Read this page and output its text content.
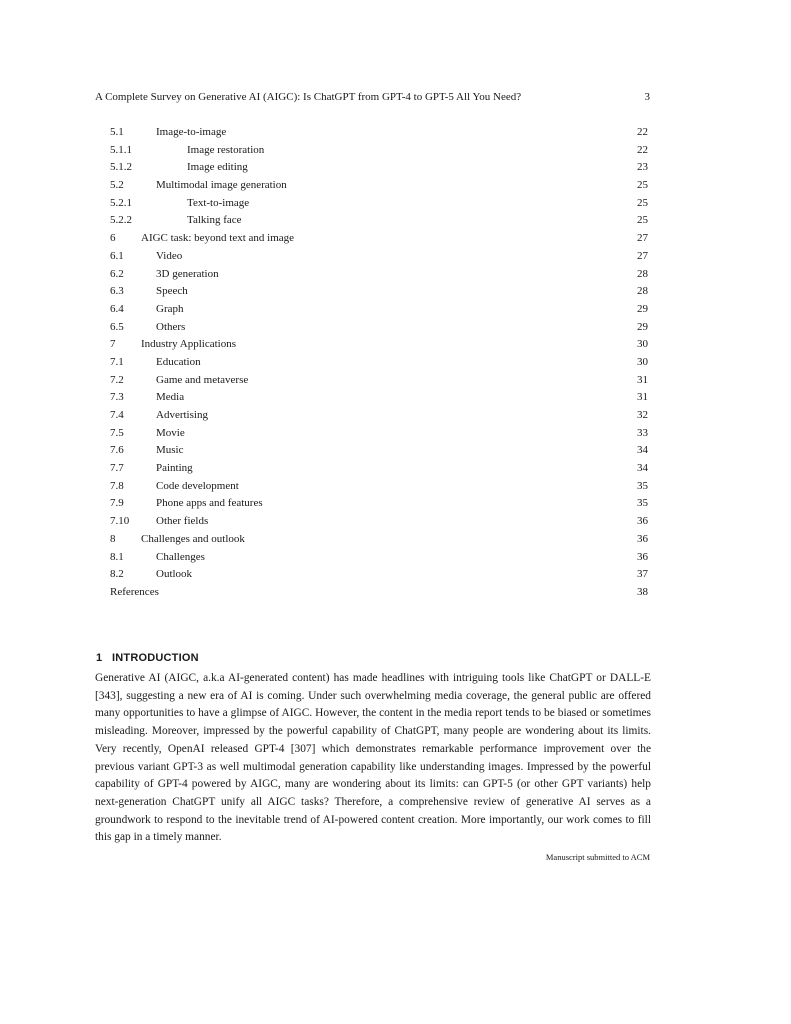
A Complete Survey on Generative AI (AIGC): Is ChatGPT from GPT-4 to GPT-5 All You Need?	3
5.1	Image-to-image	22
5.1.1	Image restoration	22
5.1.2	Image editing	23
5.2	Multimodal image generation	25
5.2.1	Text-to-image	25
5.2.2	Talking face	25
6 AIGC task: beyond text and image	27
6.1	Video	27
6.2	3D generation	28
6.3	Speech	28
6.4	Graph	29
6.5	Others	29
7 Industry Applications	30
7.1	Education	30
7.2	Game and metaverse	31
7.3	Media	31
7.4	Advertising	32
7.5	Movie	33
7.6	Music	34
7.7	Painting	34
7.8	Code development	35
7.9	Phone apps and features	35
7.10 Other fields	36
8 Challenges and outlook	36
8.1	Challenges	36
8.2	Outlook	37
References	38
1 INTRODUCTION

Generative AI (AIGC, a.k.a AI-generated content) has made headlines with intriguing tools like ChatGPT or DALL-E [343], suggesting a new era of AI is coming. Under such overwhelming media coverage, the general public are offered many opportunities to have a glimpse of AIGC. However, the content in the media report tends to be biased or sometimes misleading. Moreover, impressed by the powerful capability of ChatGPT, many people are wondering about its limits. Very recently, OpenAI released GPT-4 [307] which demonstrates remarkable performance improvement over the previous variant GPT-3 as well multimodal generation capability like understanding images. Impressed by the powerful capability of GPT-4 powered by AIGC, many are wondering about its limits: can GPT-5 (or other GPT variants) help next-generation ChatGPT unify all AIGC tasks? Therefore, a comprehensive review of generative AI serves as a groundwork to respond to the inevitable trend of AI-powered content creation. More importantly, our work comes to fill this gap in a timely manner.

Manuscript submitted to ACM
